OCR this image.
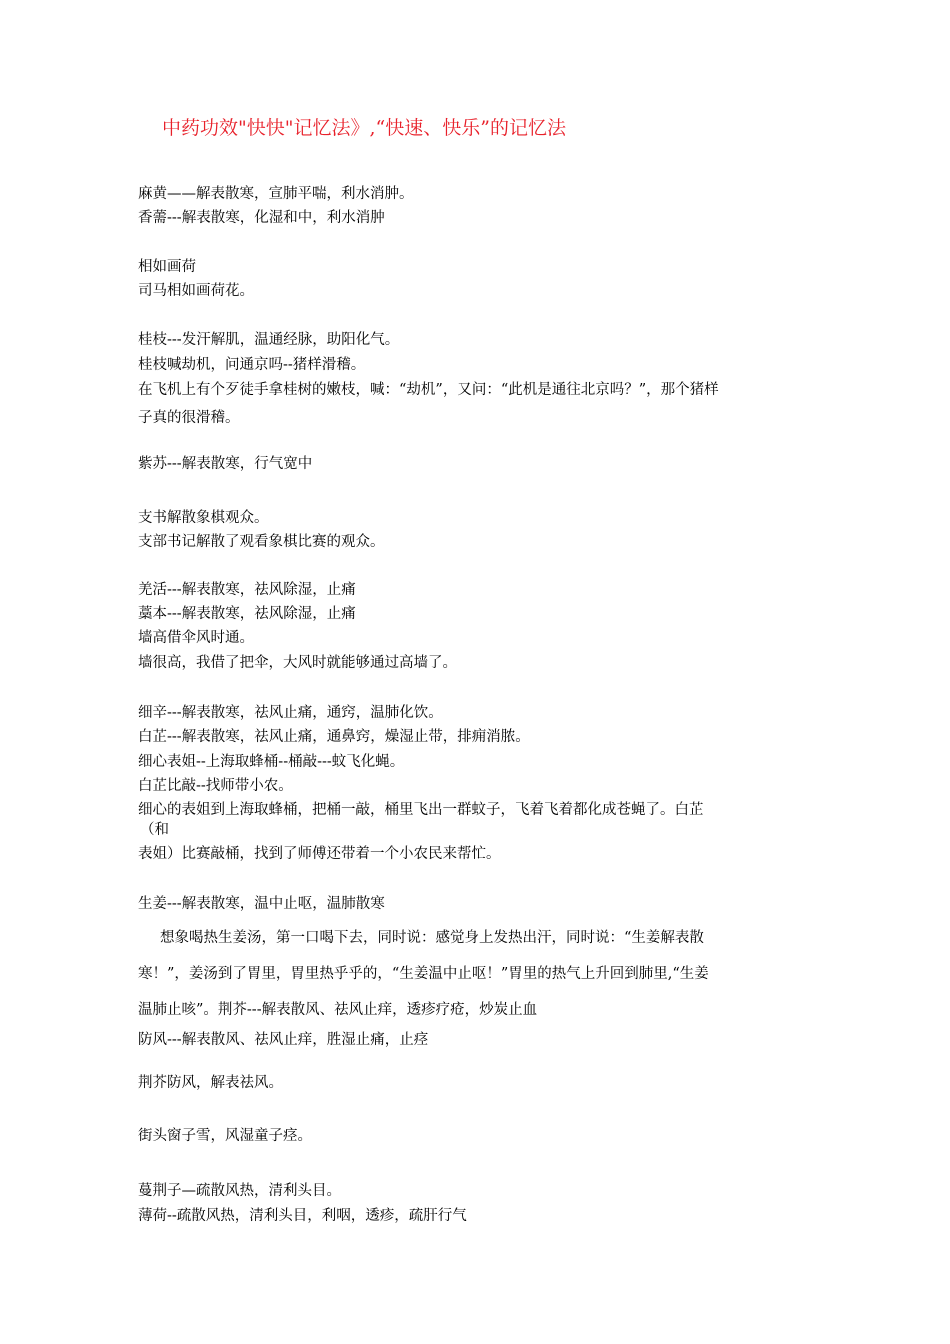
中药功效"快快"记忆法》,“快速、快乐”的记忆法
麻黄——解表散寒，宣肺平喘，利水消肿。
香薷---解表散寒，化湿和中，利水消肿
相如画荷
司马相如画荷花。
桂枝---发汗解肌，温通经脉，助阳化气。
桂枝喊劫机，问通京吗--猪样滑稽。
在飞机上有个歹徒手拿桂树的嫩枝，喊：“劫机”，又问：“此机是通往北京吗？”，那个猪样
子真的很滑稽。
紫苏---解表散寒，行气宽中
支书解散象棋观众。
支部书记解散了观看象棋比赛的观众。
羌活---解表散寒，祛风除湿，止痛
藁本---解表散寒，祛风除湿，止痛
墙高借伞风时通。
墙很高，我借了把伞，大风时就能够通过高墙了。
细辛---解表散寒，祛风止痛，通窍，温肺化饮。
白芷---解表散寒，祛风止痛，通鼻窍，燥湿止带，排痈消脓。
细心表姐--上海取蜂桶--桶敲---蚊飞化蝇。
白芷比敲--找师带小农。
细心的表姐到上海取蜂桶，把桶一敲，桶里飞出一群蚊子，飞着飞着都化成苍蝇了。白芷
（和
表姐）比赛敲桶，找到了师傅还带着一个小农民来帮忙。
生姜---解表散寒，温中止呕，温肺散寒
想象喝热生姜汤，第一口喝下去，同时说：感觉身上发热出汗，同时说：“生姜解表散
寒！”，姜汤到了胃里，胃里热乎乎的，“生姜温中止呕！”胃里的热气上升回到肺里,“生姜
温肺止咳”。荆芥---解表散风、祛风止痒，透疹疗疮，炒炭止血
防风---解表散风、祛风止痒，胜湿止痛，止痉
荆芥防风，解表祛风。
街头窗子雪，风湿童子痉。
蔓荆子—疏散风热，清利头目。
薄荷--疏散风热，清利头目，利咽，透疹，疏肝行气
